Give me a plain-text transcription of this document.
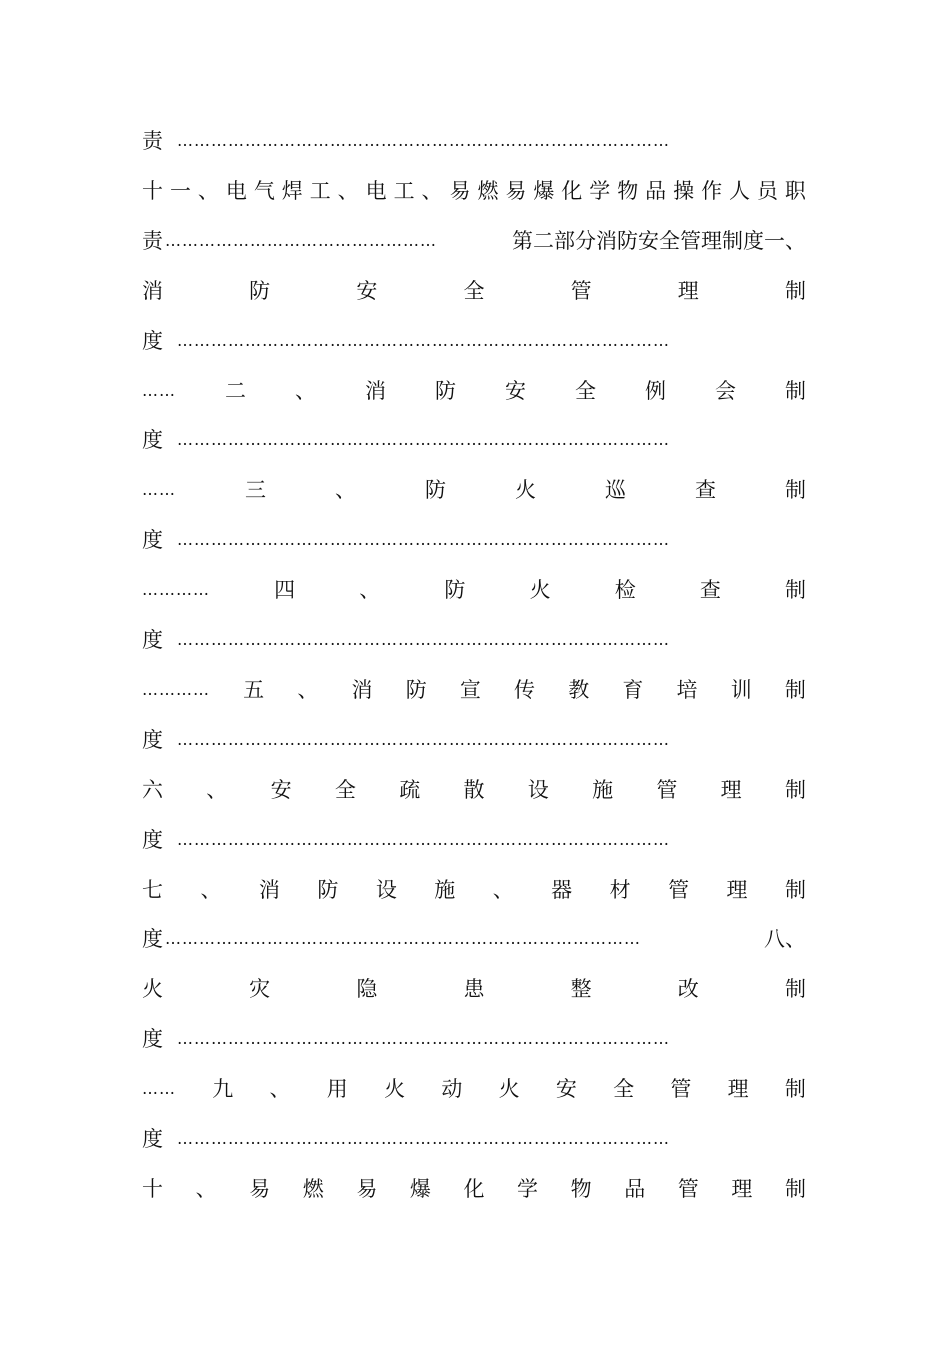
责 ……………………………………………………………………………
十 一 、 电 气 焊 工 、 电 工 、 易 燃 易 爆 化 学 物 品 操 作 人 员 职
责 …………………………………………	第二部分消防安全管理制度一、
消	防	安	全	管	理	制
度 ……………………………………………………………………………
…… 二 、 消 防 安 全 例 会 制
度 ……………………………………………………………………………
……	三	、	防	火	巡	查	制
度 ……………………………………………………………………………
…………	四	、	防	火	检	查	制
度 ……………………………………………………………………………
………… 五 、 消 防 宣 传 教 育 培 训 制
度 ……………………………………………………………………………
六 、 安 全 疏 散 设 施 管 理 制
度 ……………………………………………………………………………
七 、 消 防 设 施 、 器 材 管 理 制
度 …………………………………………………………………………	八、
火	灾	隐	患	整	改	制
度 ……………………………………………………………………………
…… 九 、 用 火 动 火 安 全 管 理 制
度 ……………………………………………………………………………
十 、 易 燃 易 爆 化 学 物 品 管 理 制
